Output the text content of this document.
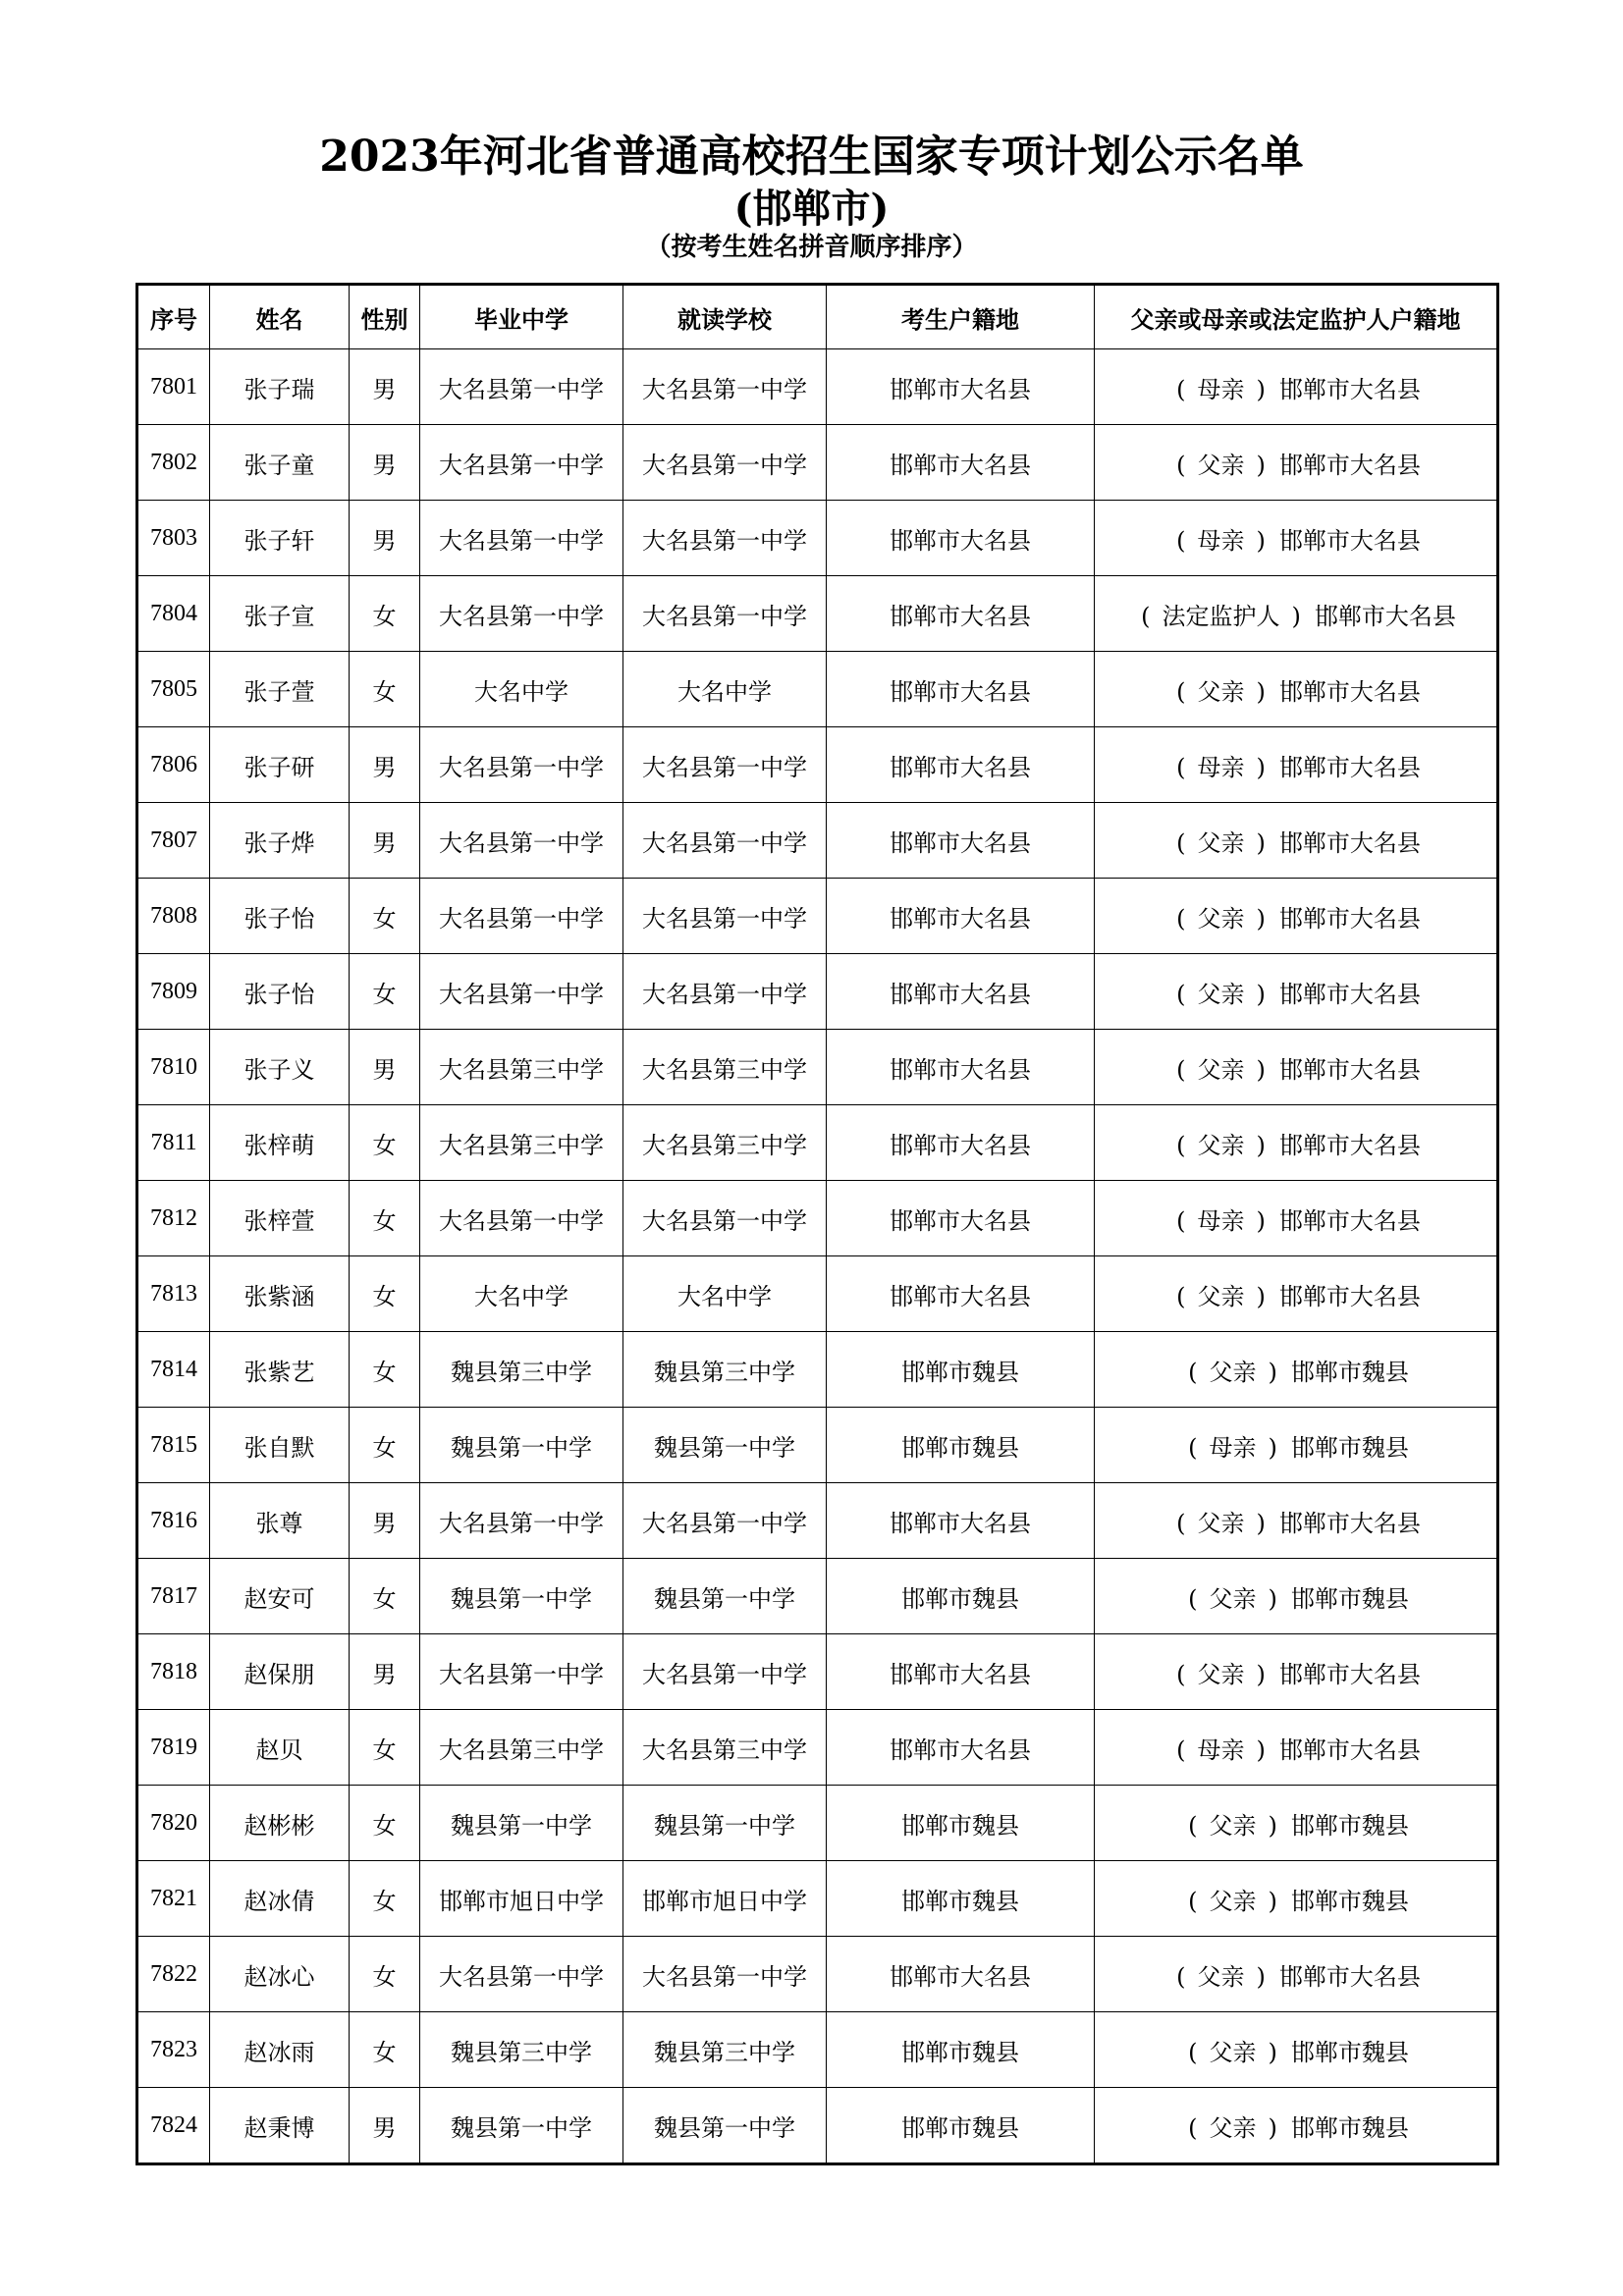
2023年河北省普通高校招生国家专项计划公示名单
(邯郸市)
（按考生姓名拼音顺序排序）
序号	姓名	性别	毕业中学	就读学校	考生户籍地	父亲或母亲或法定监护人户籍地
7801	张子瑞	男	大名县第一中学	大名县第一中学	邯郸市大名县	( 母亲 ) 邯郸市大名县
7802	张子童	男	大名县第一中学	大名县第一中学	邯郸市大名县	( 父亲 ) 邯郸市大名县
7803	张子轩	男	大名县第一中学	大名县第一中学	邯郸市大名县	( 母亲 ) 邯郸市大名县
7804	张子宣	女	大名县第一中学	大名县第一中学	邯郸市大名县	( 法定监护人 ) 邯郸市大名县
7805	张子萱	女	大名中学	大名中学	邯郸市大名县	( 父亲 ) 邯郸市大名县
7806	张子研	男	大名县第一中学	大名县第一中学	邯郸市大名县	( 母亲 ) 邯郸市大名县
7807	张子烨	男	大名县第一中学	大名县第一中学	邯郸市大名县	( 父亲 ) 邯郸市大名县
7808	张子怡	女	大名县第一中学	大名县第一中学	邯郸市大名县	( 父亲 ) 邯郸市大名县
7809	张子怡	女	大名县第一中学	大名县第一中学	邯郸市大名县	( 父亲 ) 邯郸市大名县
7810	张子义	男	大名县第三中学	大名县第三中学	邯郸市大名县	( 父亲 ) 邯郸市大名县
7811	张梓萌	女	大名县第三中学	大名县第三中学	邯郸市大名县	( 父亲 ) 邯郸市大名县
7812	张梓萱	女	大名县第一中学	大名县第一中学	邯郸市大名县	( 母亲 ) 邯郸市大名县
7813	张紫涵	女	大名中学	大名中学	邯郸市大名县	( 父亲 ) 邯郸市大名县
7814	张紫艺	女	魏县第三中学	魏县第三中学	邯郸市魏县	( 父亲 ) 邯郸市魏县
7815	张自默	女	魏县第一中学	魏县第一中学	邯郸市魏县	( 母亲 ) 邯郸市魏县
7816	张尊	男	大名县第一中学	大名县第一中学	邯郸市大名县	( 父亲 ) 邯郸市大名县
7817	赵安可	女	魏县第一中学	魏县第一中学	邯郸市魏县	( 父亲 ) 邯郸市魏县
7818	赵保朋	男	大名县第一中学	大名县第一中学	邯郸市大名县	( 父亲 ) 邯郸市大名县
7819	赵贝	女	大名县第三中学	大名县第三中学	邯郸市大名县	( 母亲 ) 邯郸市大名县
7820	赵彬彬	女	魏县第一中学	魏县第一中学	邯郸市魏县	( 父亲 ) 邯郸市魏县
7821	赵冰倩	女	邯郸市旭日中学	邯郸市旭日中学	邯郸市魏县	( 父亲 ) 邯郸市魏县
7822	赵冰心	女	大名县第一中学	大名县第一中学	邯郸市大名县	( 父亲 ) 邯郸市大名县
7823	赵冰雨	女	魏县第三中学	魏县第三中学	邯郸市魏县	( 父亲 ) 邯郸市魏县
7824	赵秉博	男	魏县第一中学	魏县第一中学	邯郸市魏县	( 父亲 ) 邯郸市魏县
